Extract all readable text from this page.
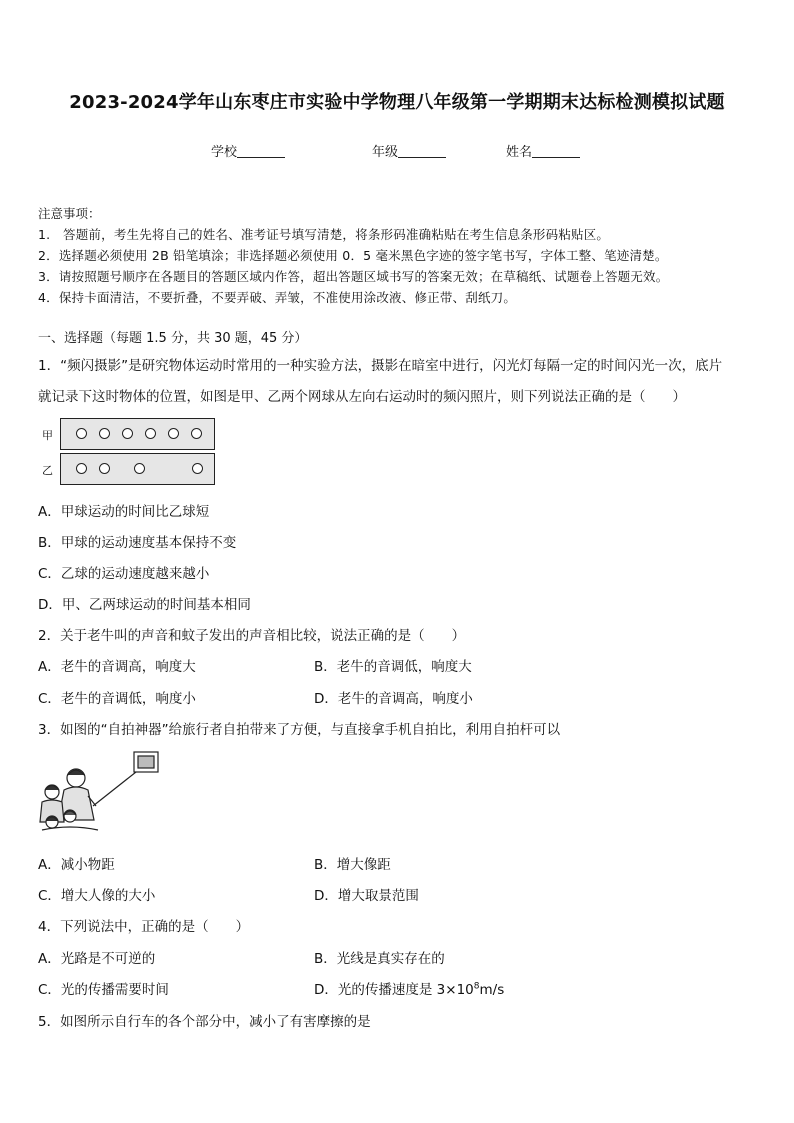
2023-2024学年山东枣庄市实验中学物理八年级第一学期期末达标检测模拟试题
学校	年级	姓名
注意事项：
1.　答题前，考生先将自己的姓名、准考证号填写清楚，将条形码准确粘贴在考生信息条形码粘贴区。
2．选择题必须使用 2B 铅笔填涂；非选择题必须使用 0．5 毫米黑色字迹的签字笔书写，字体工整、笔迹清楚。
3．请按照题号顺序在各题目的答题区域内作答，超出答题区域书写的答案无效；在草稿纸、试题卷上答题无效。
4．保持卡面清洁，不要折叠，不要弄破、弄皱，不准使用涂改液、修正带、刮纸刀。
一、选择题（每题 1.5 分，共 30 题，45 分）
1．“频闪摄影”是研究物体运动时常用的一种实验方法，摄影在暗室中进行，闪光灯每隔一定的时间闪光一次，底片
就记录下这时物体的位置，如图是甲、乙两个网球从左向右运动时的频闪照片，则下列说法正确的是（　　）
甲
乙
A．甲球运动的时间比乙球短
B．甲球的运动速度基本保持不变
C．乙球的运动速度越来越小
D．甲、乙两球运动的时间基本相同
2．关于老牛叫的声音和蚊子发出的声音相比较，说法正确的是（　　）
A．老牛的音调高，响度大	B．老牛的音调低，响度大
C．老牛的音调低，响度小	D．老牛的音调高，响度小
3．如图的“自拍神器”给旅行者自拍带来了方便，与直接拿手机自拍比，利用自拍杆可以
A．减小物距	B．增大像距
C．增大人像的大小	D．增大取景范围
4．下列说法中，正确的是（　　）
A．光路是不可逆的	B．光线是真实存在的
C．光的传播需要时间	D．光的传播速度是 $3\times 10^8m/s$
5．如图所示自行车的各个部分中，减小了有害摩擦的是
